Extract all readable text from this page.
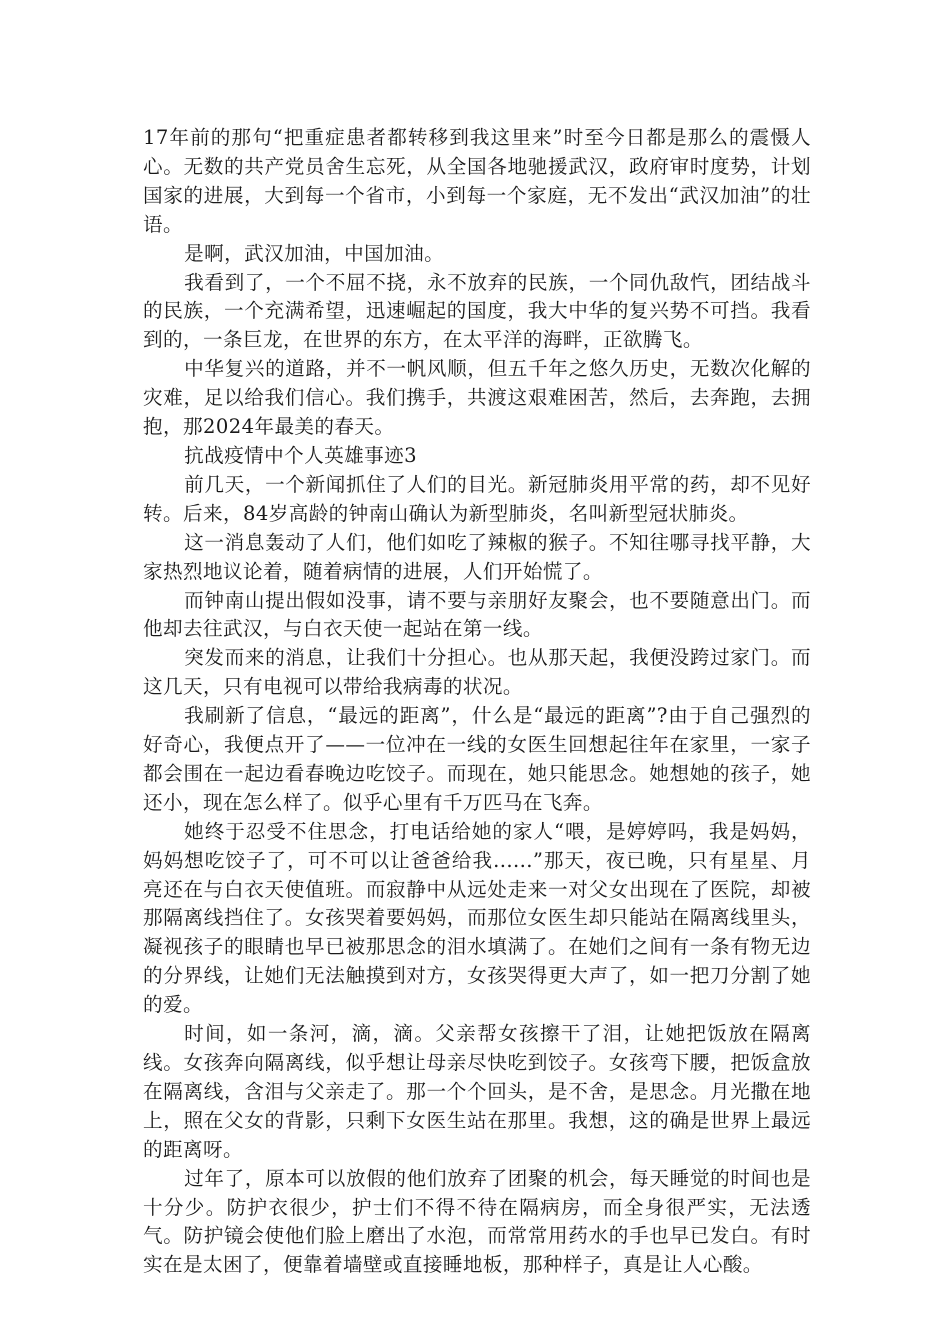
17年前的那句“把重症患者都转移到我这里来”时至今日都是那么的震慑人心。无数的共产党员舍生忘死，从全国各地驰援武汉，政府审时度势，计划国家的进展，大到每一个省市，小到每一个家庭，无不发出“武汉加油”的壮语。

是啊，武汉加油，中国加油。

我看到了，一个不屈不挠，永不放弃的民族，一个同仇敌忾，团结战斗的民族，一个充满希望，迅速崛起的国度，我大中华的复兴势不可挡。我看到的，一条巨龙，在世界的东方，在太平洋的海畔，正欲腾飞。

中华复兴的道路，并不一帆风顺，但五千年之悠久历史，无数次化解的灾难，足以给我们信心。我们携手，共渡这艰难困苦，然后，去奔跑，去拥抱，那2024年最美的春天。

抗战疫情中个人英雄事迹3

前几天，一个新闻抓住了人们的目光。新冠肺炎用平常的药，却不见好转。后来，84岁高龄的钟南山确认为新型肺炎，名叫新型冠状肺炎。

这一消息轰动了人们，他们如吃了辣椒的猴子。不知往哪寻找平静，大家热烈地议论着，随着病情的进展，人们开始慌了。

而钟南山提出假如没事，请不要与亲朋好友聚会，也不要随意出门。而他却去往武汉，与白衣天使一起站在第一线。

突发而来的消息，让我们十分担心。也从那天起，我便没跨过家门。而这几天，只有电视可以带给我病毒的状况。

我刷新了信息，“最远的距离”，什么是“最远的距离”?由于自己强烈的好奇心，我便点开了——一位冲在一线的女医生回想起往年在家里，一家子都会围在一起边看春晚边吃饺子。而现在，她只能思念。她想她的孩子，她还小，现在怎么样了。似乎心里有千万匹马在飞奔。

她终于忍受不住思念，打电话给她的家人“喂，是婷婷吗，我是妈妈，妈妈想吃饺子了，可不可以让爸爸给我......”那天，夜已晚，只有星星、月亮还在与白衣天使值班。而寂静中从远处走来一对父女出现在了医院，却被那隔离线挡住了。女孩哭着要妈妈，而那位女医生却只能站在隔离线里头，凝视孩子的眼睛也早已被那思念的泪水填满了。在她们之间有一条有物无边的分界线，让她们无法触摸到对方，女孩哭得更大声了，如一把刀分割了她的爱。

时间，如一条河，滴，滴。父亲帮女孩擦干了泪，让她把饭放在隔离线。女孩奔向隔离线，似乎想让母亲尽快吃到饺子。女孩弯下腰，把饭盒放在隔离线，含泪与父亲走了。那一个个回头，是不舍，是思念。月光撒在地上，照在父女的背影，只剩下女医生站在那里。我想，这的确是世界上最远的距离呀。

过年了，原本可以放假的他们放弃了团聚的机会，每天睡觉的时间也是十分少。防护衣很少，护士们不得不待在隔病房，而全身很严实，无法透气。防护镜会使他们脸上磨出了水泡，而常常用药水的手也早已发白。有时实在是太困了，便靠着墙壁或直接睡地板，那种样子，真是让人心酸。
